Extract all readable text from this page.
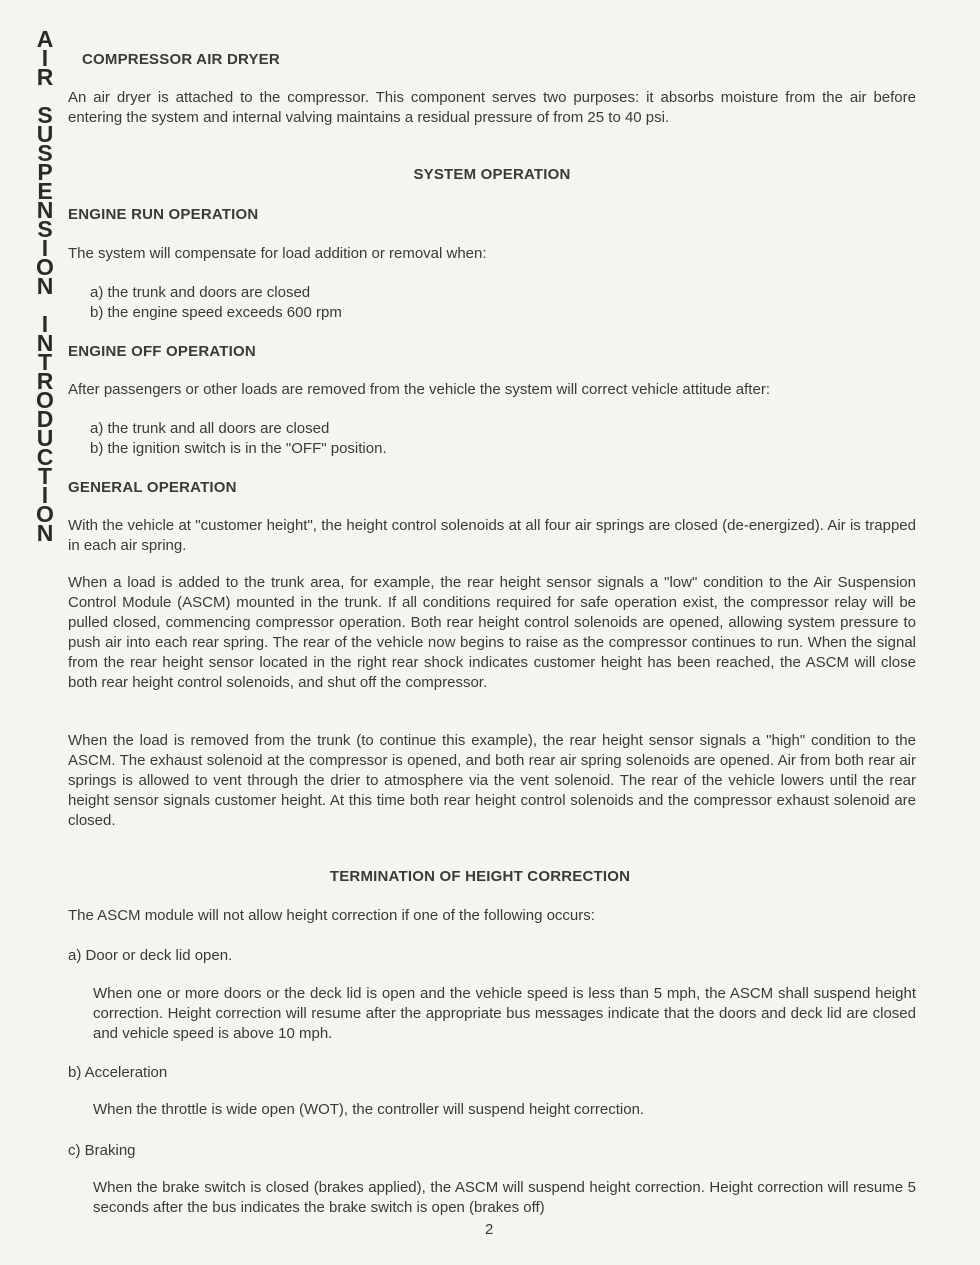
A
I
R
S
U
S
P
E
N
S
I
O
N
I
N
T
R
O
D
U
C
T
I
O
N
COMPRESSOR AIR DRYER

An air dryer is attached to the compressor. This component serves two purposes: it absorbs moisture from the air before entering the system and internal valving maintains a residual pressure of from 25 to 40 psi.

SYSTEM OPERATION
ENGINE RUN OPERATION

The system will compensate for load addition or removal when:

a) the trunk and doors are closed
b) the engine speed exceeds 600 rpm
ENGINE OFF OPERATION

After passengers or other loads are removed from the vehicle the system will correct vehicle attitude after:

a) the trunk and all doors are closed
b) the ignition switch is in the "OFF" position.
GENERAL OPERATION

With the vehicle at "customer height", the height control solenoids at all four air springs are closed (de-energized). Air is trapped in each air spring.

When a load is added to the trunk area, for example, the rear height sensor signals a "low" condition to the Air Suspension Control Module (ASCM) mounted in the trunk. If all conditions required for safe operation exist, the compressor relay will be pulled closed, commencing compressor operation. Both rear height control solenoids are opened, allowing system pressure to push air into each rear spring. The rear of the vehicle now begins to raise as the compressor continues to run. When the signal from the rear height sensor located in the right rear shock indicates customer height has been reached, the ASCM will close both rear height control solenoids, and shut off the compressor.

When the load is removed from the trunk (to continue this example), the rear height sensor signals a "high" condition to the ASCM. The exhaust solenoid at the compressor is opened, and both rear air spring solenoids are opened. Air from both rear air springs is allowed to vent through the drier to atmosphere via the vent solenoid. The rear of the vehicle lowers until the rear height sensor signals customer height. At this time both rear height control solenoids and the compressor exhaust solenoid are closed.

TERMINATION OF HEIGHT CORRECTION

The ASCM module will not allow height correction if one of the following occurs:

a) Door or deck lid open.

When one or more doors or the deck lid is open and the vehicle speed is less than 5 mph, the ASCM shall suspend height correction. Height correction will resume after the appropriate bus messages indicate that the doors and deck lid are closed and vehicle speed is above 10 mph.

b) Acceleration

When the throttle is wide open (WOT), the controller will suspend height correction.

c) Braking

When the brake switch is closed (brakes applied), the ASCM will suspend height correction. Height correction will resume 5 seconds after the bus indicates the brake switch is open (brakes off)

2
